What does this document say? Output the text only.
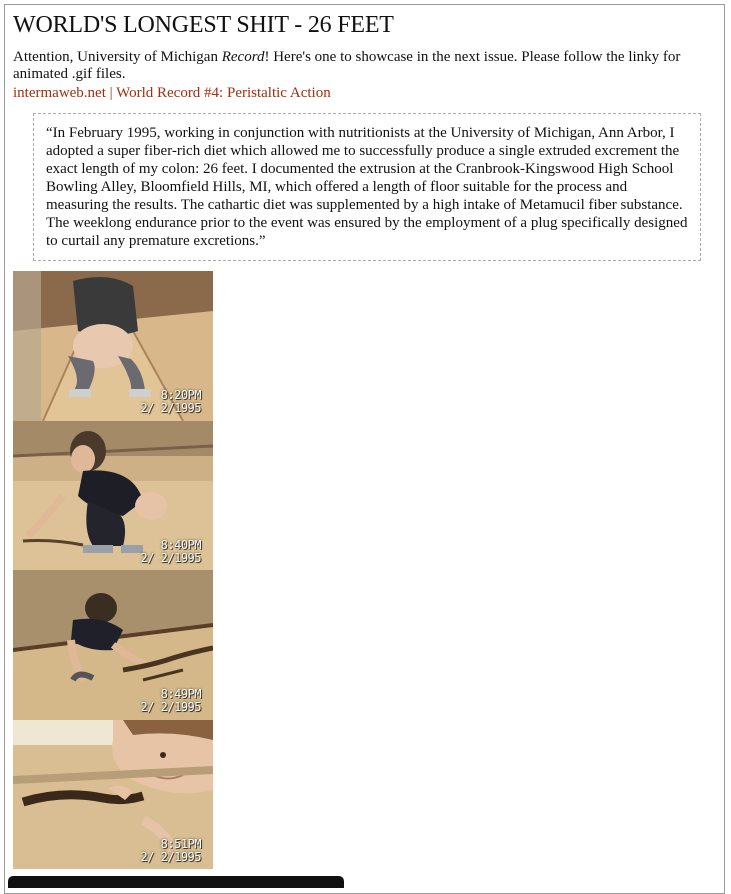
WORLD'S LONGEST SHIT - 26 FEET

Attention, University of Michigan Record! Here's one to showcase in the next issue. Please follow the linky for animated .gif files.

intermaweb.net | World Record #4: Peristaltic Action
“In February 1995, working in conjunction with nutritionists at the University of Michigan, Ann Arbor, I adopted a super fiber-rich diet which allowed me to successfully produce a single extruded excrement the exact length of my colon: 26 feet. I documented the extrusion at the Cranbrook-Kingswood High School Bowling Alley, Bloomfield Hills, MI, which offered a length of floor suitable for the process and measuring the results. The cathartic diet was supplemented by a high intake of Metamucil fiber substance. The weeklong endurance prior to the event was ensured by the employment of a plug specifically designed to curtail any premature excretions.”
8:20PM
2/ 2/1995
8:40PM
2/ 2/1995
8:49PM
2/ 2/1995
8:51PM
2/ 2/1995
